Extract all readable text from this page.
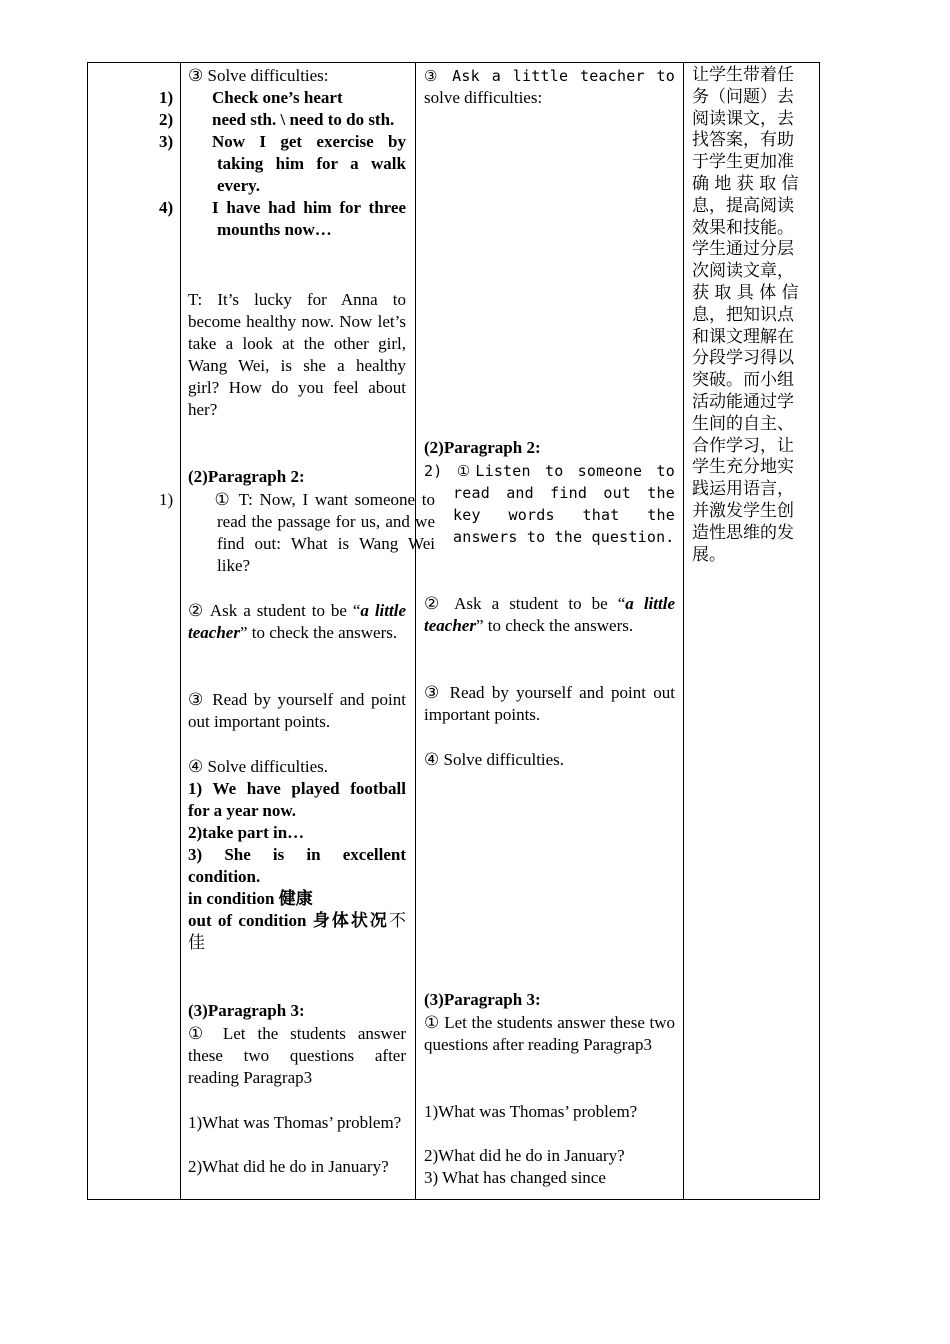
③ Solve difficulties:
1) Check one’s heart
2) need sth. \ need to do sth.
3) Now I get exercise by taking him for a walk every.
4) I have had him for three mounths now…
T: It’s lucky for Anna to become healthy now. Now let’s take a look at the other girl, Wang Wei, is she a healthy girl? How do you feel about her?
(2)Paragraph 2:
1) ① T: Now, I want someone to read the passage for us, and we find out: What is Wang Wei like?
② Ask a student to be “a little teacher” to check the answers.
③ Read by yourself and point out important points.
④ Solve difficulties.
1) We have played football for a year now.
2)take part in…
3) She is in excellent condition.
in condition 健康
out of condition 身体状况不佳
(3)Paragraph 3:
① Let the students answer these two questions after reading Paragrap3
1)What was Thomas’ problem?
2)What did he do in January?

③ Ask a little teacher to
solve difficulties:
(2)Paragraph 2:
2) ①Listen to someone to read and find out the key words that the answers to the question.
② Ask a student to be “a little teacher” to check the answers.
③ Read by yourself and point out important points.
④ Solve difficulties.
(3)Paragraph 3:
① Let the students answer these two questions after reading Paragrap3
1)What was Thomas’ problem?
2)What did he do in January?
3) What has changed since

让学生带着任
务（问题）去
阅读课文，去
找答案，有助
于学生更加准
确 地 获 取 信
息，提高阅读
效果和技能。
学生通过分层
次阅读文章，
获 取 具 体 信
息，把知识点
和课文理解在
分段学习得以
突破。而小组
活动能通过学
生间的自主、
合作学习，让
学生充分地实
践运用语言，
并激发学生创
造性思维的发
展。
